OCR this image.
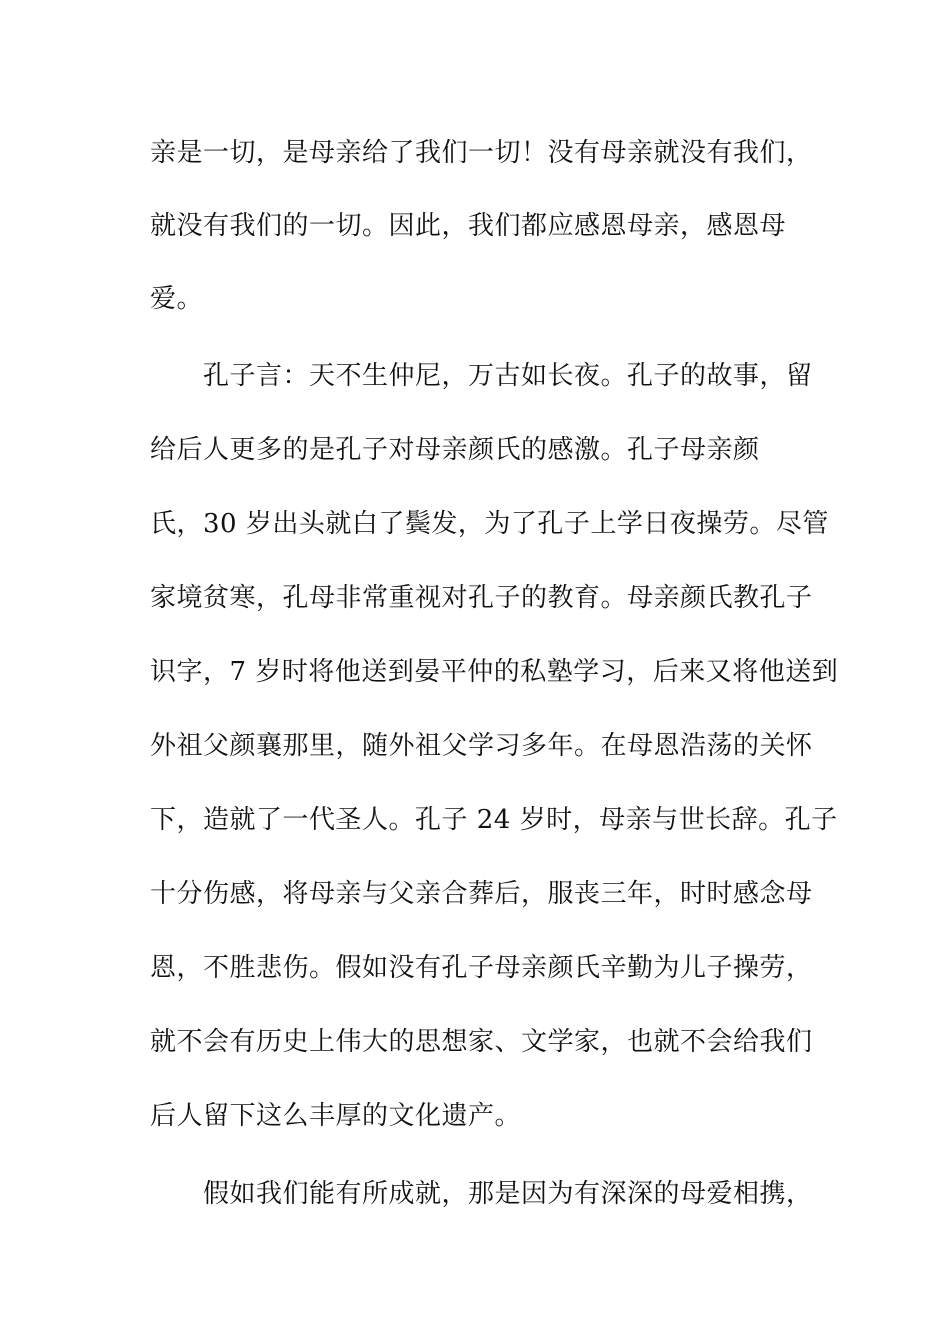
亲是一切，是母亲给了我们一切！没有母亲就没有我们，

就没有我们的一切。因此，我们都应感恩母亲，感恩母

爱。

孔子言：天不生仲尼，万古如长夜。孔子的故事，留

给后人更多的是孔子对母亲颜氏的感激。孔子母亲颜

氏，30 岁出头就白了鬓发，为了孔子上学日夜操劳。尽管

家境贫寒，孔母非常重视对孔子的教育。母亲颜氏教孔子

识字，7 岁时将他送到晏平仲的私塾学习，后来又将他送到

外祖父颜襄那里，随外祖父学习多年。在母恩浩荡的关怀

下，造就了一代圣人。孔子 24 岁时，母亲与世长辞。孔子

十分伤感，将母亲与父亲合葬后，服丧三年，时时感念母

恩，不胜悲伤。假如没有孔子母亲颜氏辛勤为儿子操劳，

就不会有历史上伟大的思想家、文学家，也就不会给我们

后人留下这么丰厚的文化遗产。

假如我们能有所成就，那是因为有深深的母爱相携，
